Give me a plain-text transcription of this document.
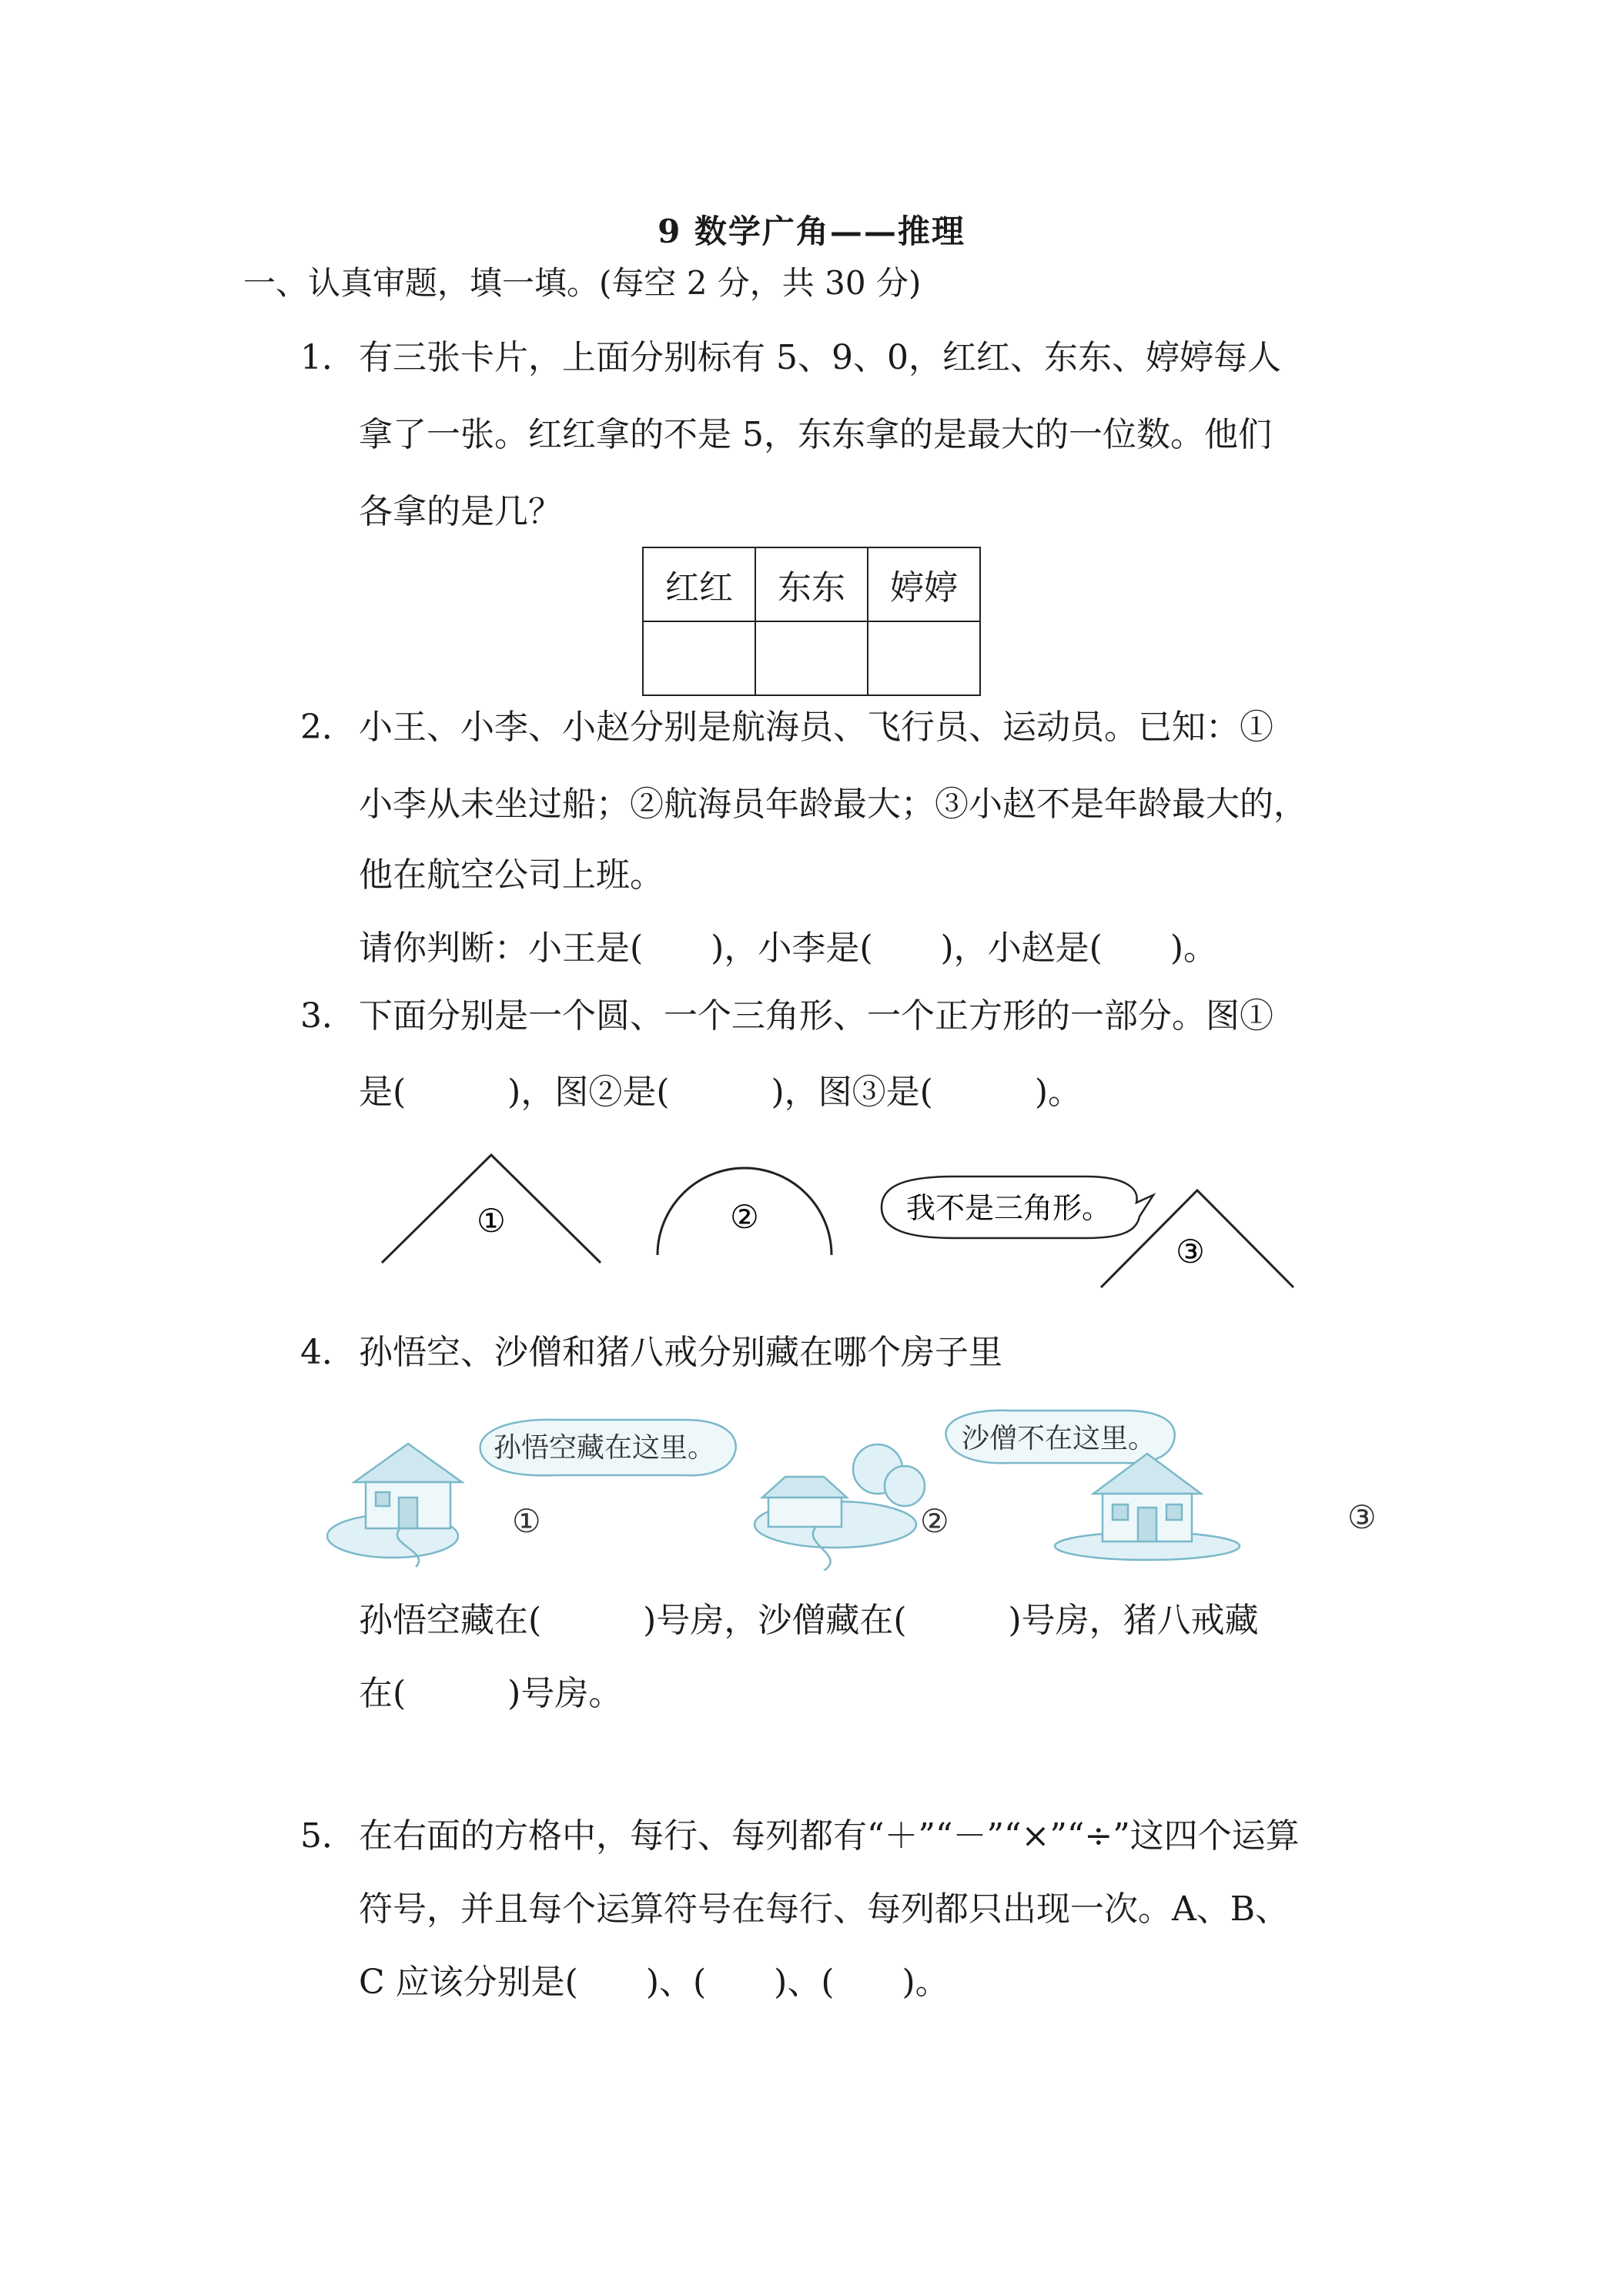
9 数学广角——推理
一、认真审题，填一填。(每空 2 分，共 30 分)
1． 有三张卡片，上面分别标有 5、9、0，红红、东东、婷婷每人
拿了一张。红红拿的不是 5，东东拿的是最大的一位数。他们
各拿的是几？
红红	东东	婷婷

2． 小王、小李、小赵分别是航海员、飞行员、运动员。已知：①
小李从未坐过船；②航海员年龄最大；③小赵不是年龄最大的，
他在航空公司上班。
请你判断：小王是(　　)，小李是(　　)，小赵是(　　)。
3． 下面分别是一个圆、一个三角形、一个正方形的一部分。图①
是(　　　)，图②是(　　　)，图③是(　　　)。
①	②	我不是三角形。
③
4． 孙悟空、沙僧和猪八戒分别藏在哪个房子里
孙悟空藏在这里。	沙僧不在这里。
①	②	③
孙悟空藏在(　　　)号房，沙僧藏在(　　　)号房，猪八戒藏
在(　　　)号房。
5． 在右面的方格中，每行、每列都有“＋”“－”“×”“÷”这四个运算
符号，并且每个运算符号在每行、每列都只出现一次。A、B、
C 应该分别是(　　)、(　　)、(　　)。
